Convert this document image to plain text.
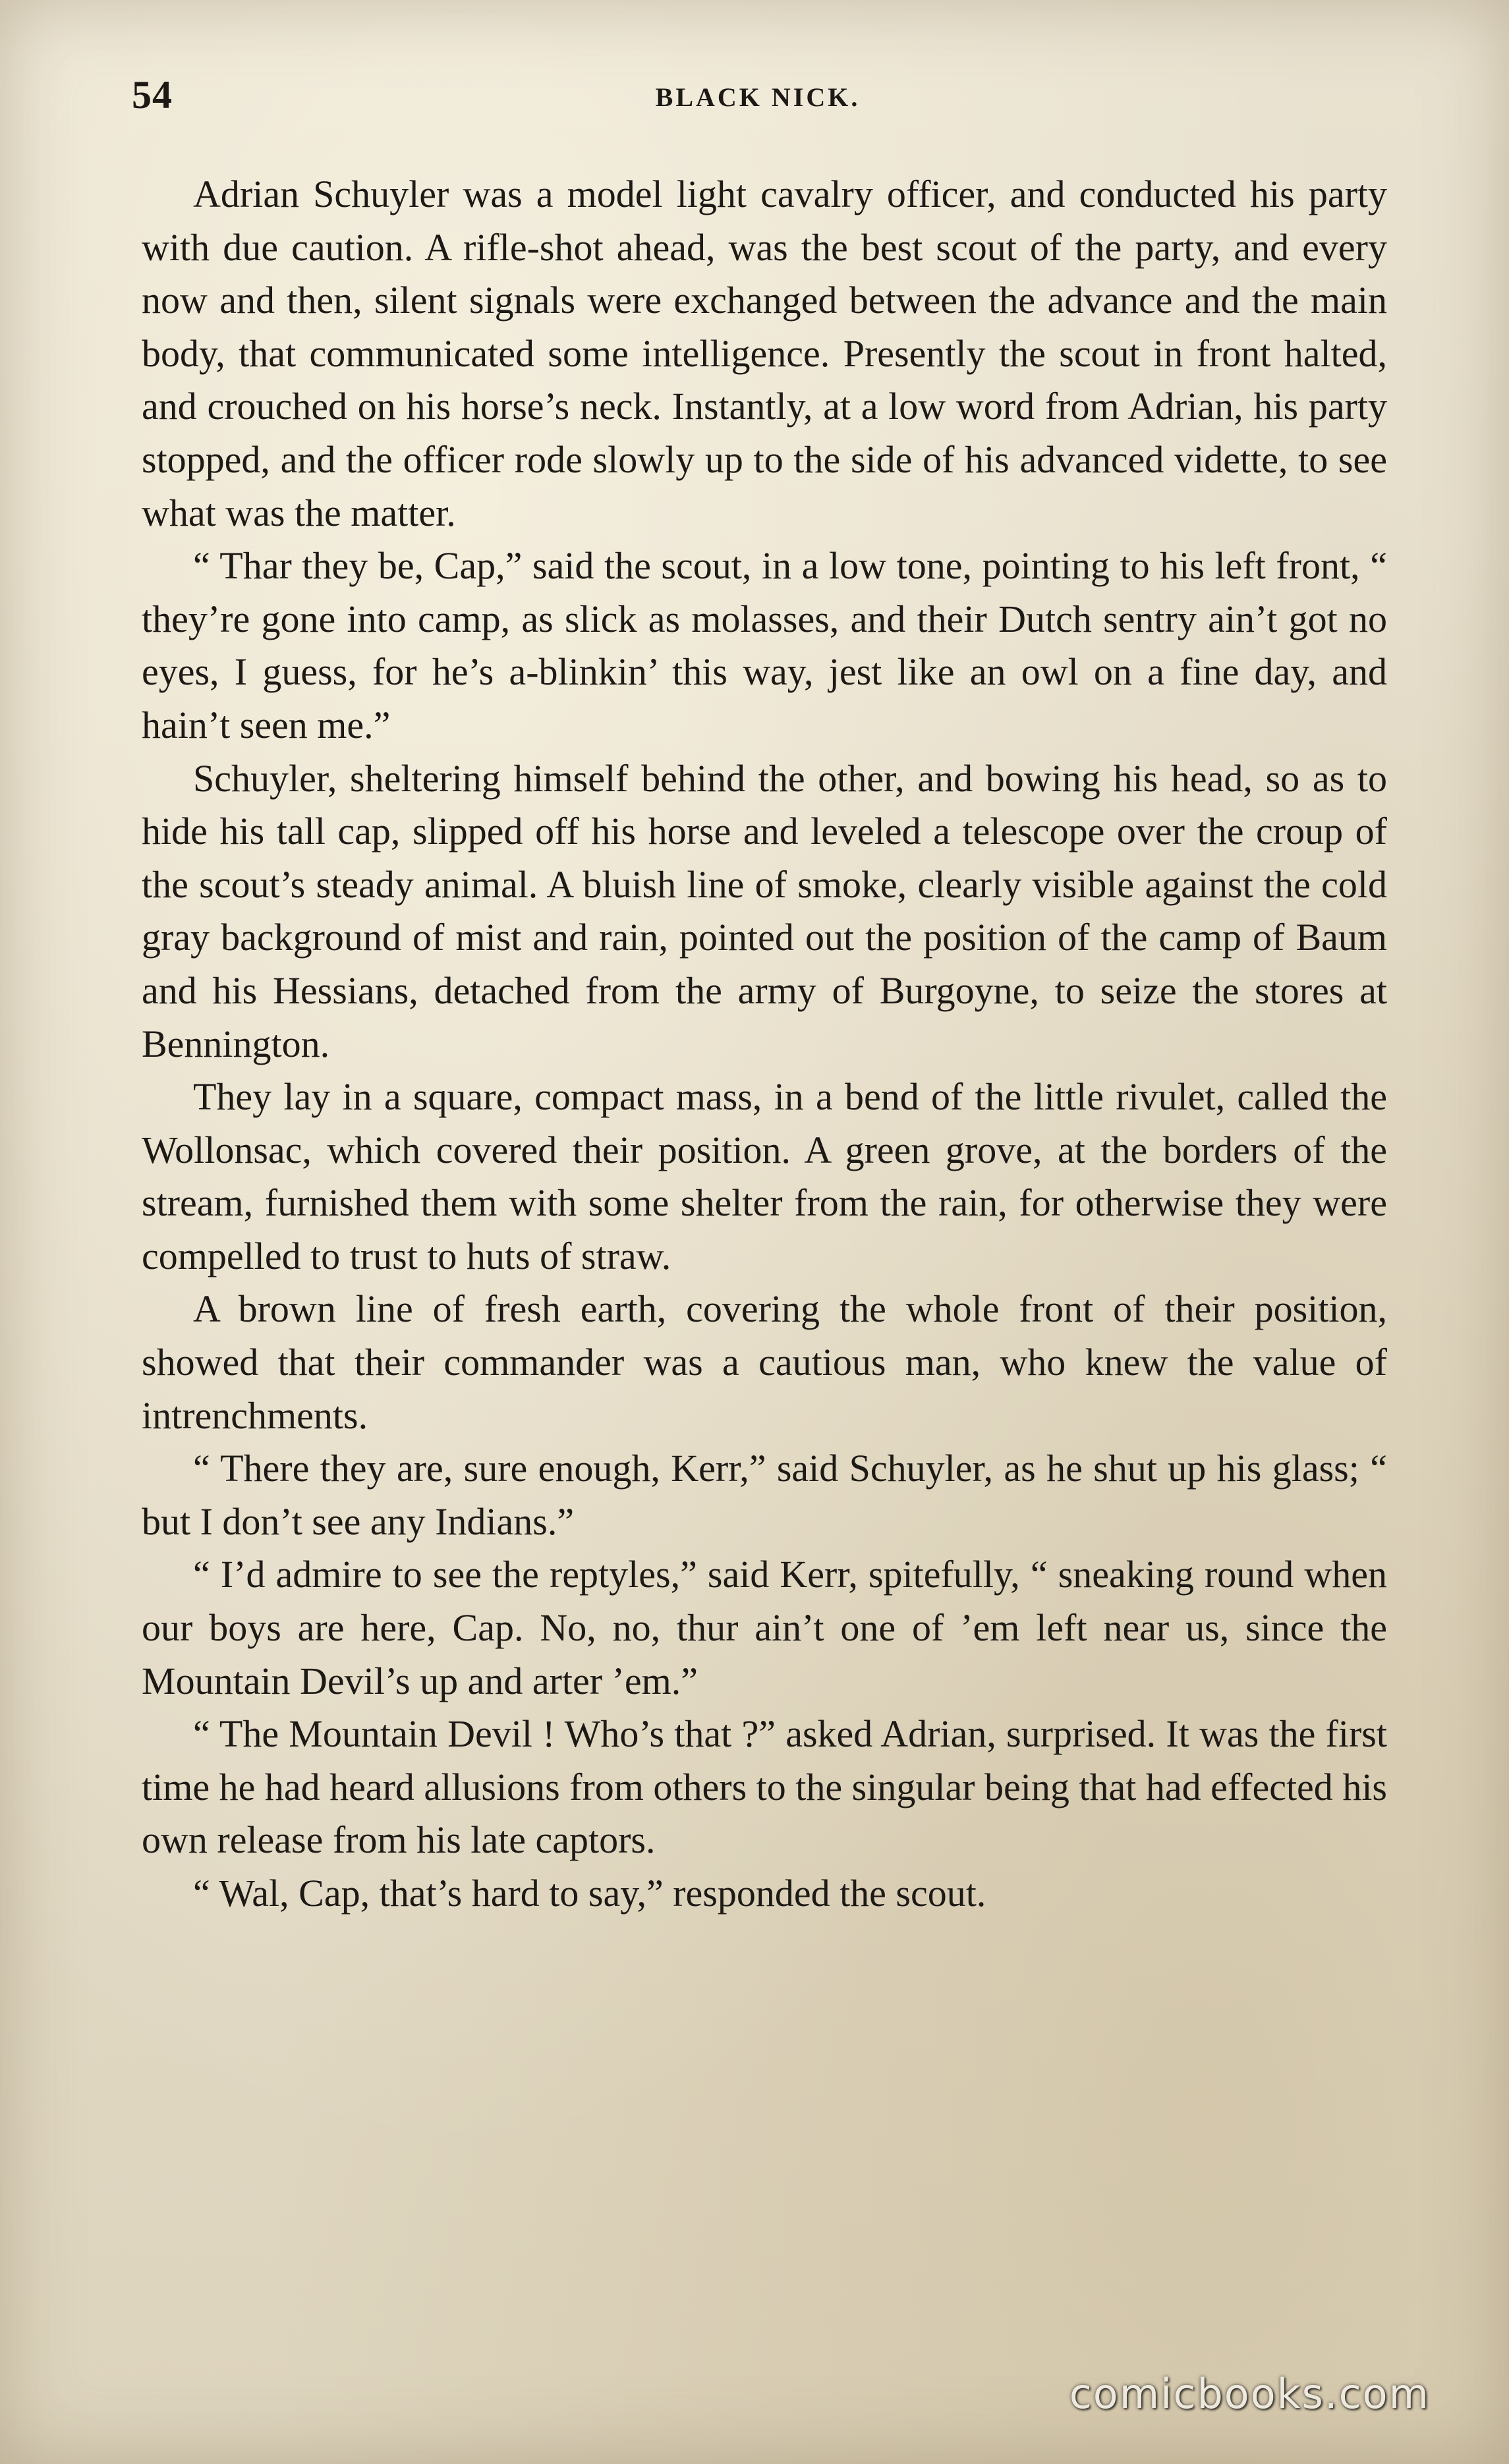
54	BLACK NICK.

Adrian Schuyler was a model light cavalry officer, and conducted his party with due caution. A rifle-shot ahead, was the best scout of the party, and every now and then, silent signals were exchanged between the advance and the main body, that communicated some intelligence. Presently the scout in front halted, and crouched on his horse’s neck. Instantly, at a low word from Adrian, his party stopped, and the officer rode slowly up to the side of his advanced vidette, to see what was the matter.

“ Thar they be, Cap,” said the scout, in a low tone, pointing to his left front, “ they’re gone into camp, as slick as molasses, and their Dutch sentry ain’t got no eyes, I guess, for he’s a-blinkin’ this way, jest like an owl on a fine day, and hain’t seen me.”

Schuyler, sheltering himself behind the other, and bowing his head, so as to hide his tall cap, slipped off his horse and leveled a telescope over the croup of the scout’s steady animal. A bluish line of smoke, clearly visible against the cold gray background of mist and rain, pointed out the position of the camp of Baum and his Hessians, detached from the army of Burgoyne, to seize the stores at Bennington.

They lay in a square, compact mass, in a bend of the little rivulet, called the Wollonsac, which covered their position. A green grove, at the borders of the stream, furnished them with some shelter from the rain, for otherwise they were compelled to trust to huts of straw.

A brown line of fresh earth, covering the whole front of their position, showed that their commander was a cautious man, who knew the value of intrenchments.

“ There they are, sure enough, Kerr,” said Schuyler, as he shut up his glass; “ but I don’t see any Indians.”

“ I’d admire to see the reptyles,” said Kerr, spitefully, “ sneaking round when our boys are here, Cap. No, no, thur ain’t one of ’em left near us, since the Mountain Devil’s up and arter ’em.”

“ The Mountain Devil ! Who’s that ?” asked Adrian, surprised. It was the first time he had heard allusions from others to the singular being that had effected his own release from his late captors.

“ Wal, Cap, that’s hard to say,” responded the scout.

comicbooks.com
